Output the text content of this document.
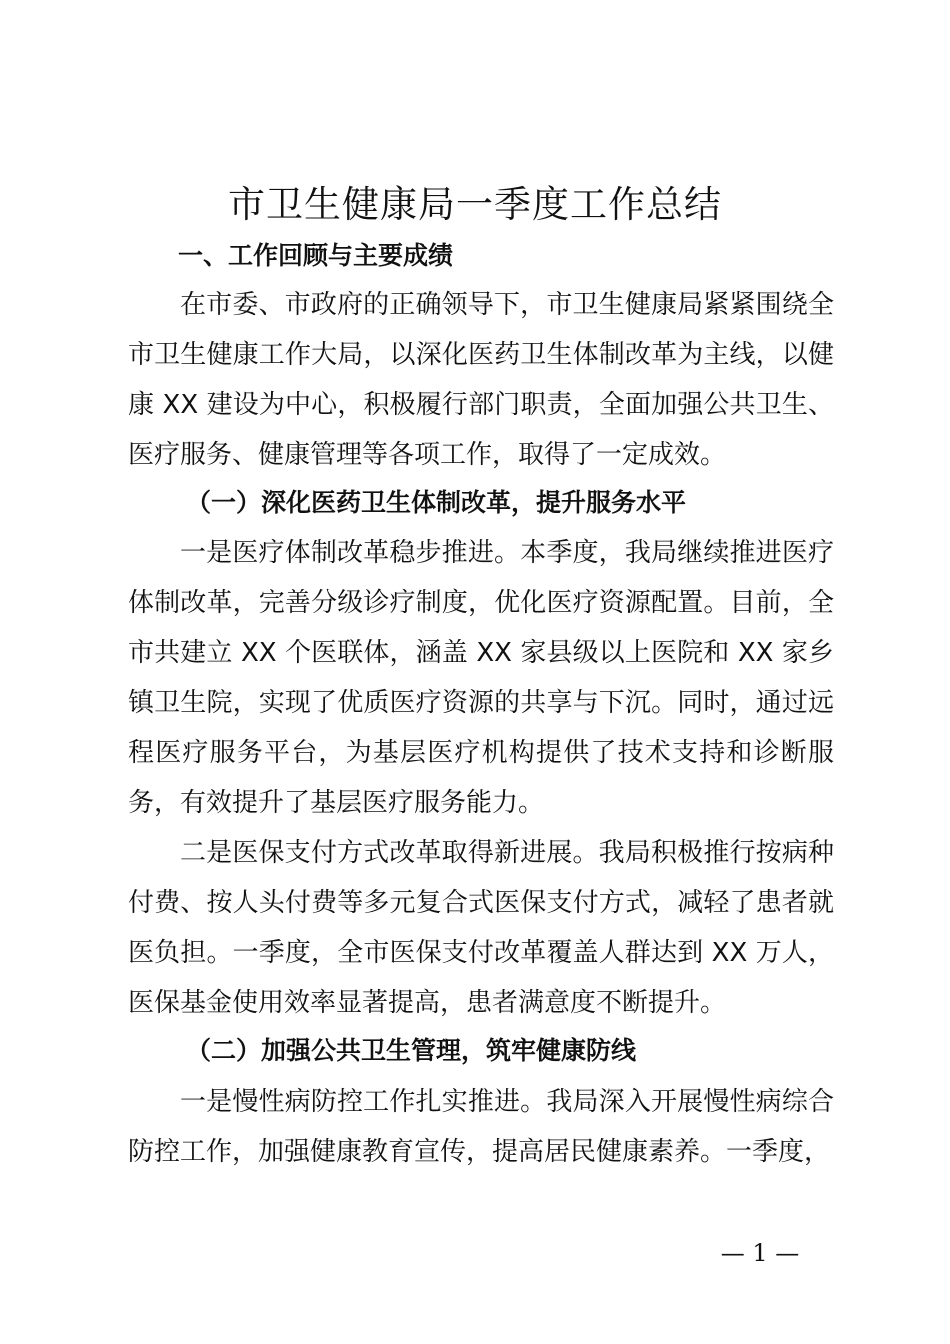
市卫生健康局一季度工作总结
一、工作回顾与主要成绩
在市委、市政府的正确领导下，市卫生健康局紧紧围绕全市卫生健康工作大局，以深化医药卫生体制改革为主线，以健康 XX 建设为中心，积极履行部门职责，全面加强公共卫生、医疗服务、健康管理等各项工作，取得了一定成效。
（一）深化医药卫生体制改革，提升服务水平
一是医疗体制改革稳步推进。本季度，我局继续推进医疗体制改革，完善分级诊疗制度，优化医疗资源配置。目前，全市共建立 XX 个医联体，涵盖 XX 家县级以上医院和 XX 家乡镇卫生院，实现了优质医疗资源的共享与下沉。同时，通过远程医疗服务平台，为基层医疗机构提供了技术支持和诊断服务，有效提升了基层医疗服务能力。
二是医保支付方式改革取得新进展。我局积极推行按病种付费、按人头付费等多元复合式医保支付方式，减轻了患者就医负担。一季度，全市医保支付改革覆盖人群达到 XX 万人，医保基金使用效率显著提高，患者满意度不断提升。
（二）加强公共卫生管理，筑牢健康防线
一是慢性病防控工作扎实推进。我局深入开展慢性病综合防控工作，加强健康教育宣传，提高居民健康素养。一季度，
— 1 —
